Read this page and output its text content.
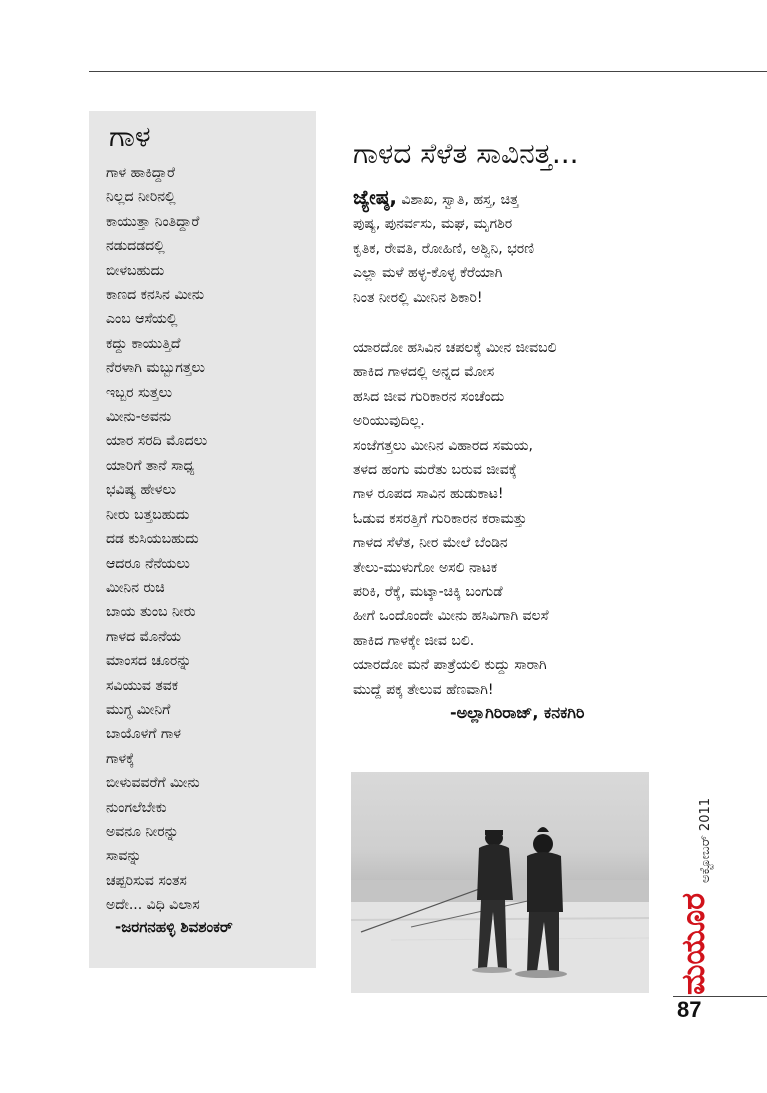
ಗಾಳ
ಗಾಳ ಹಾಕಿದ್ದಾರೆ
ನಿಲ್ಲದ ನೀರಿನಲ್ಲಿ
ಕಾಯುತ್ತಾ ನಿಂತಿದ್ದಾರೆ
ನಡುದಡದಲ್ಲಿ
ಬೀಳಬಹುದು
ಕಾಣದ ಕನಸಿನ ಮೀನು
ಎಂಬ ಆಸೆಯಲ್ಲಿ
ಕದ್ದು ಕಾಯುತ್ತಿದೆ
ನೆರಳಾಗಿ ಮಬ್ಬುಗತ್ತಲು
ಇಬ್ಬರ ಸುತ್ತಲು
ಮೀನು-ಅವನು
ಯಾರ ಸರದಿ ಮೊದಲು
ಯಾರಿಗೆ ತಾನೆ ಸಾಧ್ಯ
ಭವಿಷ್ಯ ಹೇಳಲು
ನೀರು ಬತ್ತಬಹುದು
ದಡ ಕುಸಿಯಬಹುದು
ಆದರೂ ನೆನೆಯಲು
ಮೀನಿನ ರುಚಿ
ಬಾಯ ತುಂಬ ನೀರು
ಗಾಳದ ಮೊನೆಯ
ಮಾಂಸದ ಚೂರನ್ನು
ಸವಿಯುವ ತವಕ
ಮುಗ್ಧ ಮೀನಿಗೆ
ಬಾಯೊಳಗೆ ಗಾಳ
ಗಾಳಕ್ಕೆ
ಬೀಳುವವರೆಗೆ ಮೀನು
ನುಂಗಲೆಬೇಕು
ಅವನೂ ನೀರನ್ನು
ಸಾವನ್ನು
ಚಪ್ಪರಿಸುವ ಸಂತಸ
ಅದೇ... ವಿಧಿ ವಿಲಾಸ
-ಜರಗನಹಳ್ಳಿ ಶಿವಶಂಕರ್
ಗಾಳದ ಸೆಳೆತ ಸಾವಿನತ್ತ...
ಜ್ಯೇಷ್ಠ, ವಿಶಾಖ, ಸ್ವಾತಿ, ಹಸ್ತ, ಚಿತ್ತ
ಪುಷ್ಯ, ಪುನರ್ವಸು, ಮಘ, ಮೃಗಶಿರ
ಕೃತಿಕ, ರೇವತಿ, ರೋಹಿಣಿ, ಅಶ್ವಿನಿ, ಭರಣಿ
ಎಲ್ಲಾ ಮಳೆ ಹಳ್ಳ-ಕೊಳ್ಳ ಕೆರೆಯಾಗಿ
ನಿಂತ ನೀರಲ್ಲಿ ಮೀನಿನ ಶಿಕಾರಿ!
ಯಾರದೋ ಹಸಿವಿನ ಚಪಲಕ್ಕೆ ಮೀನ ಜೀವಬಲಿ
ಹಾಕಿದ ಗಾಳದಲ್ಲಿ ಅನ್ನದ ಮೋಸ
ಹಸಿದ ಜೀವ ಗುರಿಕಾರನ ಸಂಚೆಂದು
ಅರಿಯುವುದಿಲ್ಲ.
ಸಂಜೆಗತ್ತಲು ಮೀನಿನ ವಿಹಾರದ ಸಮಯ,
ತಳದ ಹಂಗು ಮರೆತು ಬರುವ ಜೀವಕ್ಕೆ
ಗಾಳ ರೂಪದ ಸಾವಿನ ಹುಡುಕಾಟ!
ಓಡುವ ಕಸರತ್ತಿಗೆ ಗುರಿಕಾರನ ಕರಾಮತ್ತು
ಗಾಳದ ಸೆಳೆತ, ನೀರ ಮೇಲೆ ಬೆಂಡಿನ
ತೇಲು-ಮುಳುಗೋ ಅಸಲಿ ನಾಟಕ
ಪರಿಕಿ, ರೆಕ್ಕೆ, ಮಟ್ಕಾ-ಚಿಕ್ಕಿ ಬಂಗುಡೆ
ಹೀಗೆ ಒಂದೊಂದೇ ಮೀನು ಹಸಿವಿಗಾಗಿ ವಲಸೆ
ಹಾಕಿದ ಗಾಳಕ್ಕೇ ಜೀವ ಬಲಿ.
ಯಾರದೋ ಮನೆ ಪಾತ್ರೆಯಲಿ ಕುದ್ದು ಸಾರಾಗಿ
ಮುದ್ದೆ ಪಕ್ಕ ತೇಲುವ ಹೆಣವಾಗಿ!
-ಅಲ್ಲಾಗಿರಿರಾಜ್, ಕನಕಗಿರಿ
ಮಯೂರ
ಅಕ್ಟೋಬರ್ 2011
87
